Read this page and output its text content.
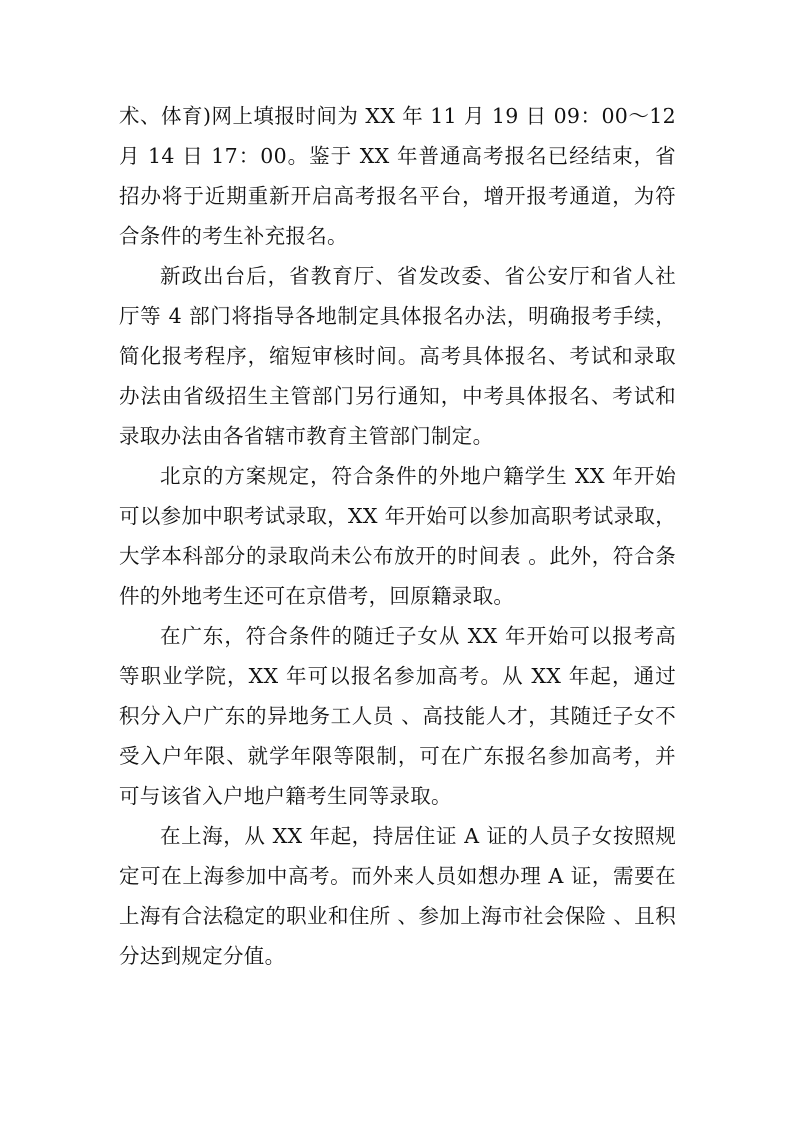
术、体育)网上填报时间为 XX 年 11 月 19 日 09：00～12 月 14 日 17：00。鉴于 XX 年普通高考报名已经结束，省招办将于近期重新开启高考报名平台，增开报考通道，为符合条件的考生补充报名。

新政出台后，省教育厅、省发改委、省公安厅和省人社厅等 4 部门将指导各地制定具体报名办法，明确报考手续，简化报考程序，缩短审核时间。高考具体报名、考试和录取办法由省级招生主管部门另行通知，中考具体报名、考试和录取办法由各省辖市教育主管部门制定。

北京的方案规定，符合条件的外地户籍学生 XX 年开始可以参加中职考试录取，XX 年开始可以参加高职考试录取，大学本科部分的录取尚未公布放开的时间表 。此外，符合条件的外地考生还可在京借考，回原籍录取。

在广东，符合条件的随迁子女从 XX 年开始可以报考高等职业学院，XX 年可以报名参加高考。从 XX 年起，通过积分入户广东的异地务工人员 、高技能人才，其随迁子女不受入户年限、就学年限等限制，可在广东报名参加高考，并可与该省入户地户籍考生同等录取。

在上海，从 XX 年起，持居住证 A 证的人员子女按照规定可在上海参加中高考。而外来人员如想办理 A 证，需要在上海有合法稳定的职业和住所 、参加上海市社会保险 、且积分达到规定分值。
